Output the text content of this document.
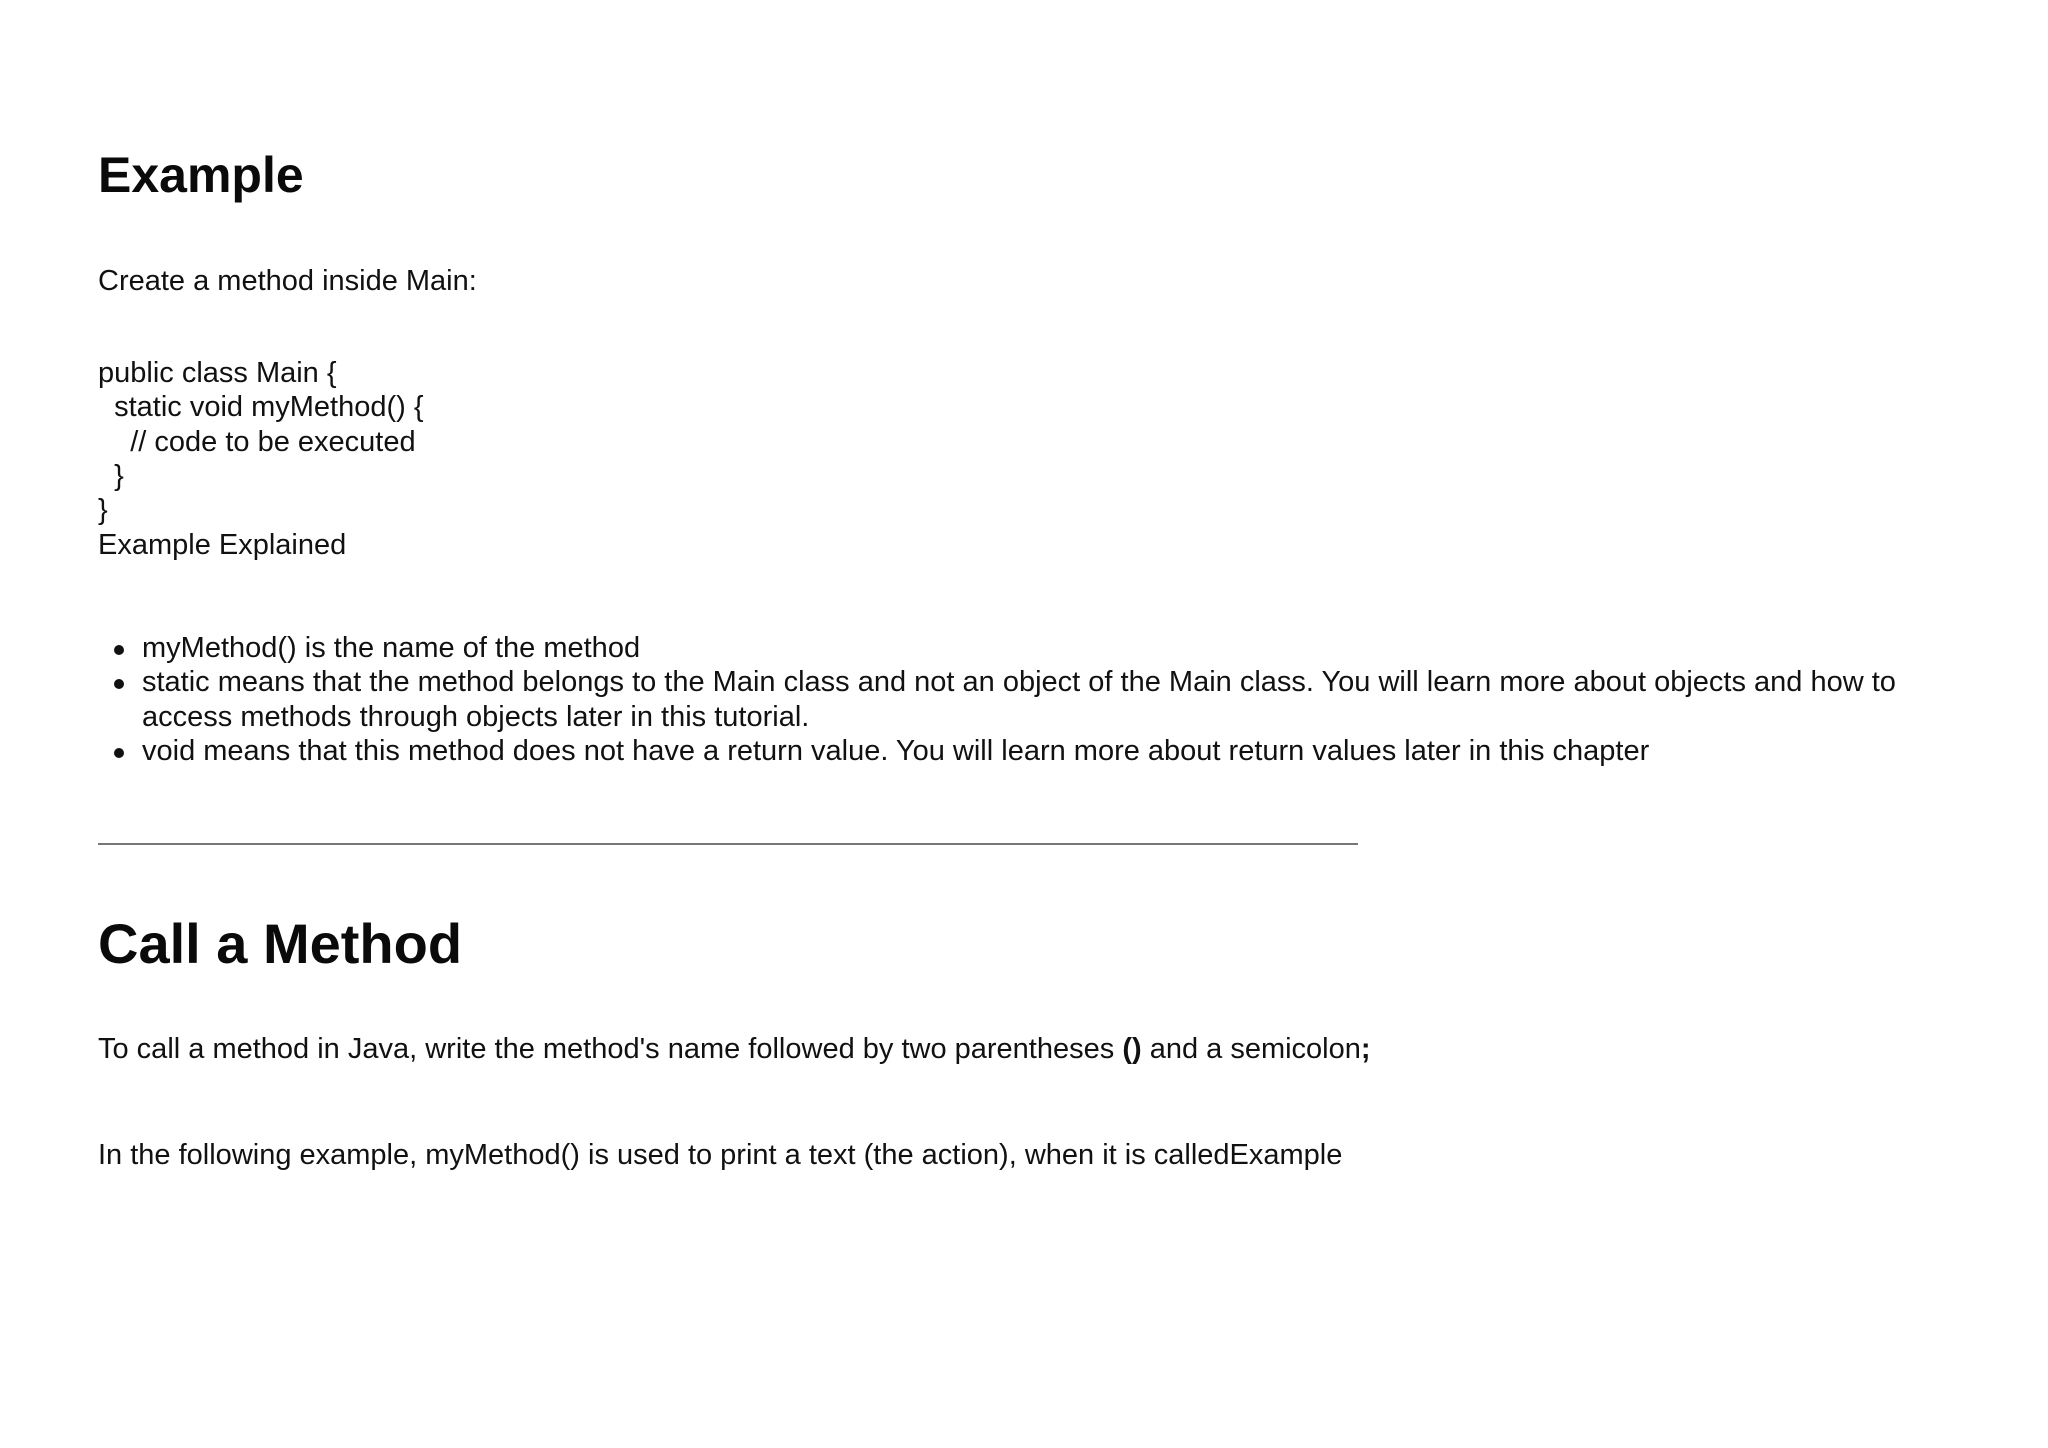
Example

Create a method inside Main:

public class Main {
static void myMethod() {
// code to be executed
}
}

Example Explained

myMethod() is the name of the method
static means that the method belongs to the Main class and not an object of the Main class. You will learn more about objects and how to
access methods through objects later in this tutorial.
void means that this method does not have a return value. You will learn more about return values later in this chapter
Call a Method

To call a method in Java, write the method's name followed by two parentheses () and a semicolon;

In the following example, myMethod() is used to print a text (the action), when it is calledExample
